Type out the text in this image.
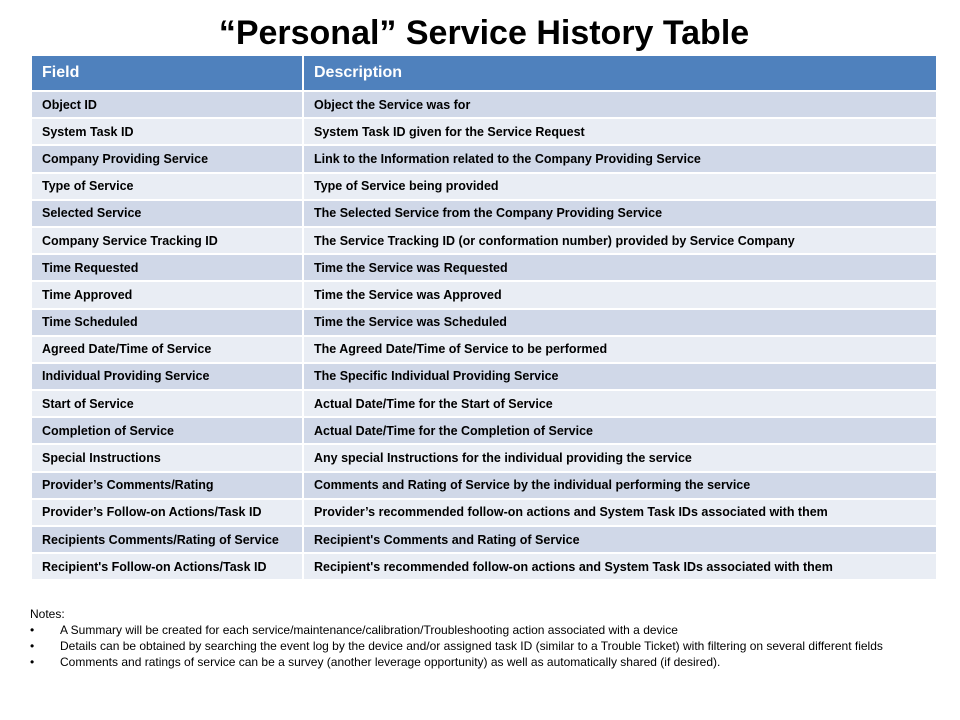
“Personal” Service History Table
Field	Description
Object ID	Object the Service was for
System Task ID	System Task ID given for the Service Request
Company Providing Service	Link to the Information related to the Company Providing Service
Type of Service	Type of Service being provided
Selected Service	The Selected Service from the Company Providing Service
Company Service Tracking ID	The Service Tracking ID (or conformation number) provided by Service Company
Time Requested	Time the Service was Requested
Time Approved	Time the Service was Approved
Time Scheduled	Time the Service was Scheduled
Agreed Date/Time of Service	The Agreed Date/Time of Service to be performed
Individual Providing Service	The Specific Individual Providing Service
Start of Service	Actual Date/Time for the Start of Service
Completion of Service	Actual Date/Time for the Completion of Service
Special Instructions	Any special Instructions for the individual providing the service
Provider’s Comments/Rating	Comments and Rating of Service by the individual performing the service
Provider’s Follow-on Actions/Task ID	Provider’s recommended follow-on actions and System Task IDs associated with them
Recipients Comments/Rating of Service	Recipient's Comments and Rating of Service
Recipient's Follow-on Actions/Task ID	Recipient's recommended follow-on actions and System Task IDs associated with them

Notes:

•	A Summary will be created for each service/maintenance/calibration/Troubleshooting action associated with a device
•	Details can be obtained by searching the event log by the device and/or assigned task ID (similar to a Trouble Ticket) with filtering on several different fields
•	Comments and ratings of service can be a survey (another leverage opportunity) as well as automatically shared (if desired).
